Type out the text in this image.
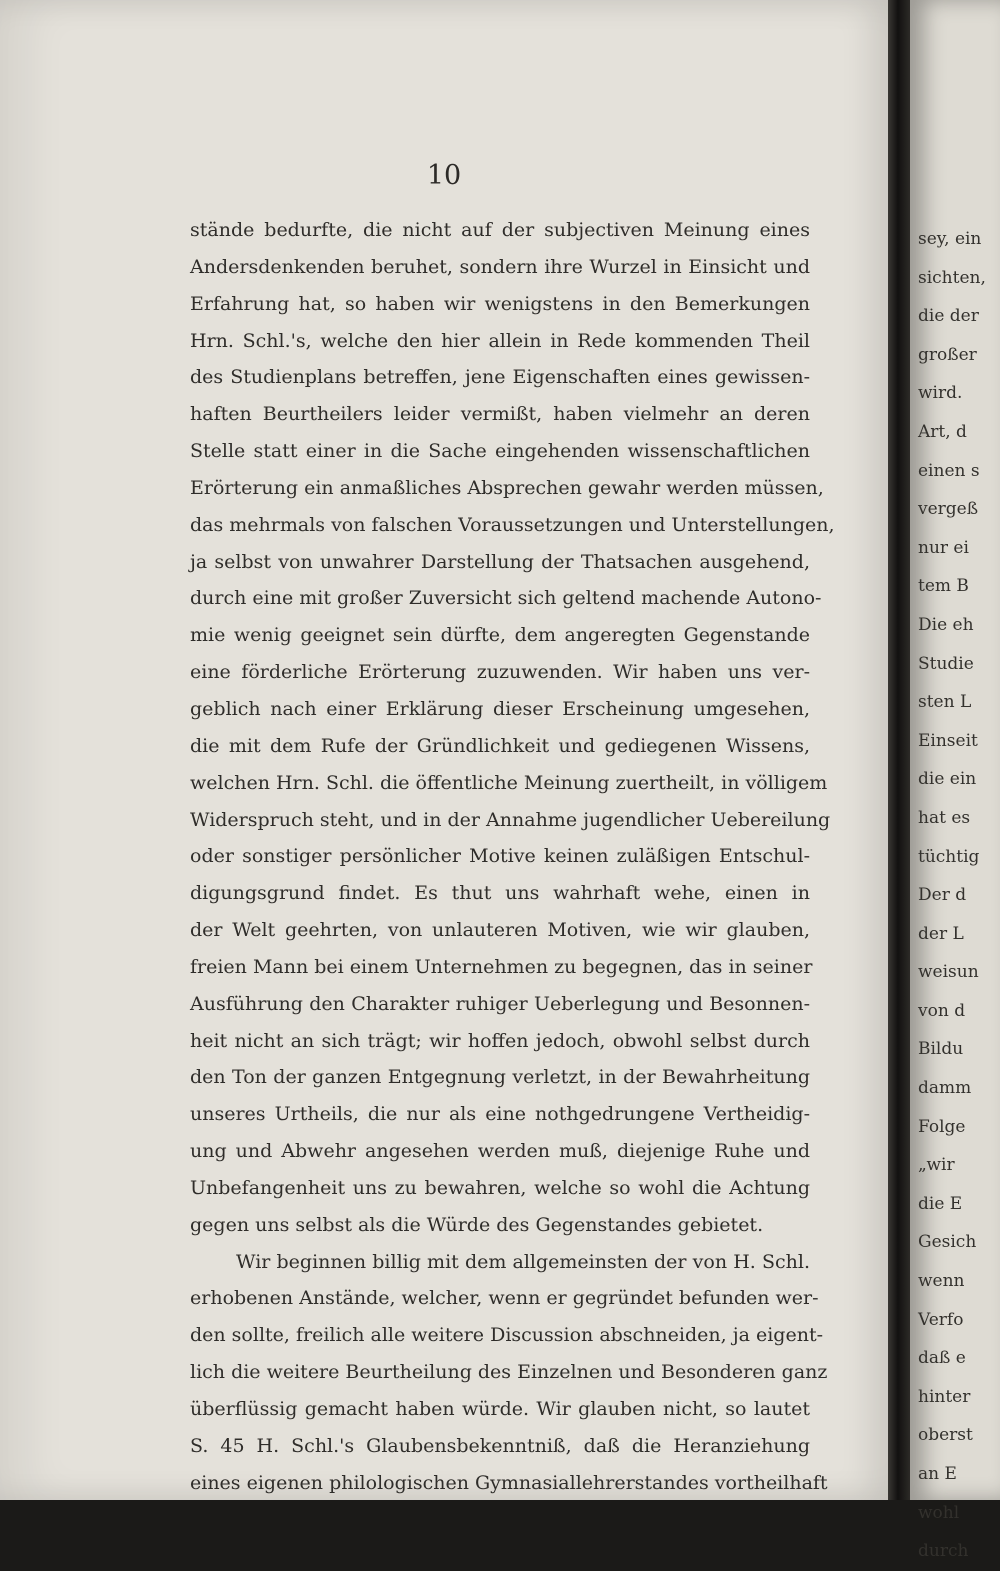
10
stände bedurfte, die nicht auf der subjectiven Meinung eines
Andersdenkenden beruhet, sondern ihre Wurzel in Einsicht und
Erfahrung hat, so haben wir wenigstens in den Bemerkungen
Hrn. Schl.'s, welche den hier allein in Rede kommenden Theil
des Studienplans betreffen, jene Eigenschaften eines gewissen-
haften Beurtheilers leider vermißt, haben vielmehr an deren
Stelle statt einer in die Sache eingehenden wissenschaftlichen
Erörterung ein anmaßliches Absprechen gewahr werden müssen,
das mehrmals von falschen Voraussetzungen und Unterstellungen,
ja selbst von unwahrer Darstellung der Thatsachen ausgehend,
durch eine mit großer Zuversicht sich geltend machende Autono-
mie wenig geeignet sein dürfte, dem angeregten Gegenstande
eine förderliche Erörterung zuzuwenden. Wir haben uns ver-
geblich nach einer Erklärung dieser Erscheinung umgesehen,
die mit dem Rufe der Gründlichkeit und gediegenen Wissens,
welchen Hrn. Schl. die öffentliche Meinung zuertheilt, in völligem
Widerspruch steht, und in der Annahme jugendlicher Uebereilung
oder sonstiger persönlicher Motive keinen zuläßigen Entschul-
digungsgrund findet. Es thut uns wahrhaft wehe, einen in
der Welt geehrten, von unlauteren Motiven, wie wir glauben,
freien Mann bei einem Unternehmen zu begegnen, das in seiner
Ausführung den Charakter ruhiger Ueberlegung und Besonnen-
heit nicht an sich trägt; wir hoffen jedoch, obwohl selbst durch
den Ton der ganzen Entgegnung verletzt, in der Bewahrheitung
unseres Urtheils, die nur als eine nothgedrungene Vertheidig-
ung und Abwehr angesehen werden muß, diejenige Ruhe und
Unbefangenheit uns zu bewahren, welche so wohl die Achtung
gegen uns selbst als die Würde des Gegenstandes gebietet.
Wir beginnen billig mit dem allgemeinsten der von H. Schl.
erhobenen Anstände, welcher, wenn er gegründet befunden wer-
den sollte, freilich alle weitere Discussion abschneiden, ja eigent-
lich die weitere Beurtheilung des Einzelnen und Besonderen ganz
überflüssig gemacht haben würde. Wir glauben nicht, so lautet
S. 45 H. Schl.'s Glaubensbekenntniß, daß die Heranziehung
eines eigenen philologischen Gymnasiallehrerstandes vortheilhaft
sey, ein
sichten,
die der
großer
wird.
Art, d
einen s
vergeß
nur ei
tem B
Die eh
Studie
sten L
Einseit
die ein
hat es
tüchtig
Der d
der L
weisun
von d
Bildu
damm
Folge
„wir
die E
Gesich
wenn
Verfo
daß e
hinter
oberst
an E
wohl
durch
